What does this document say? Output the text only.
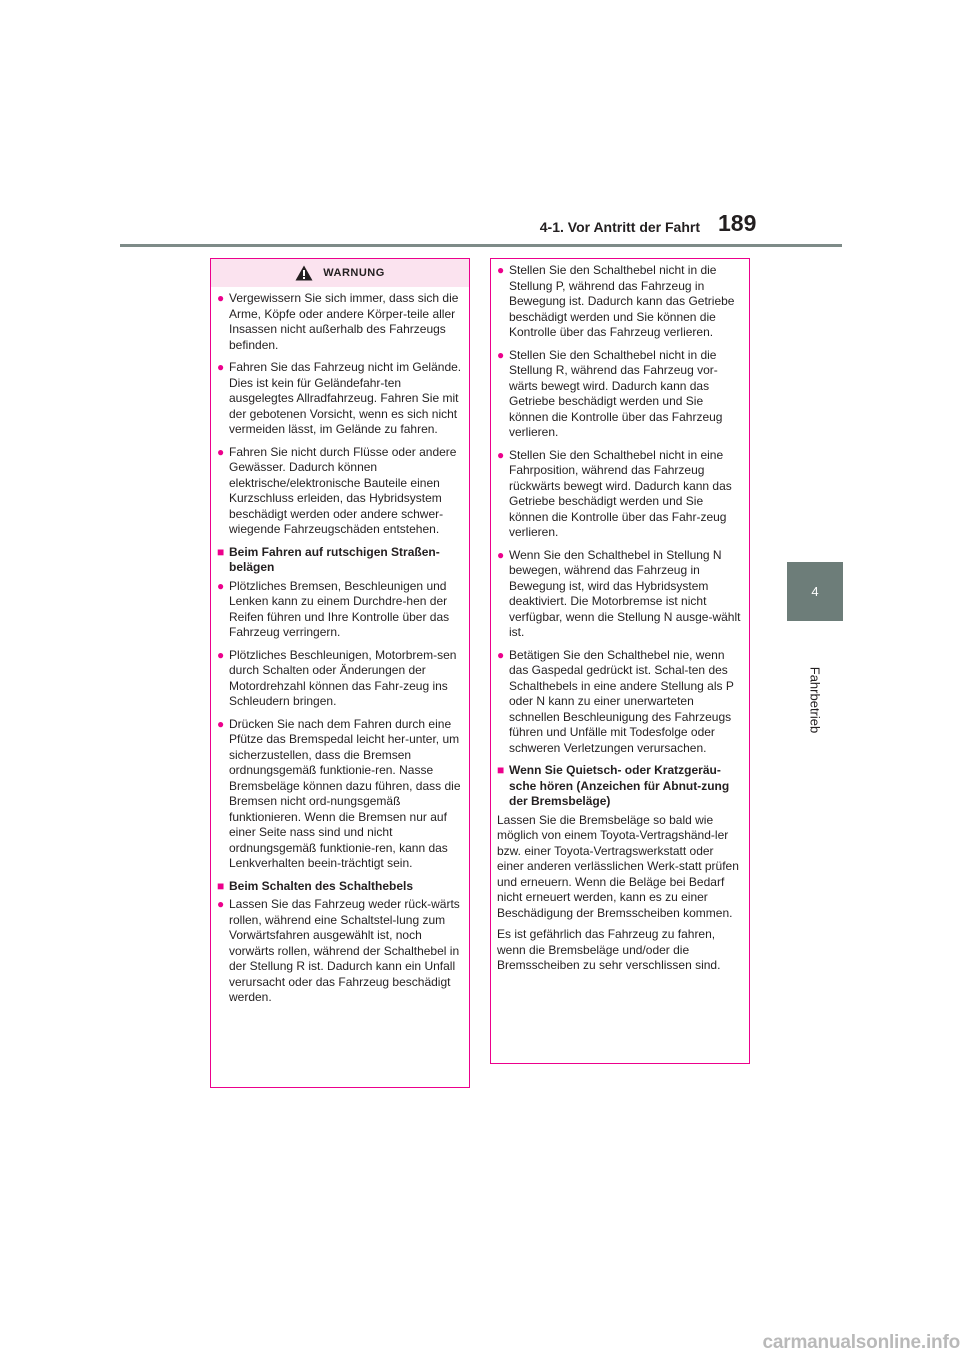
4-1. Vor Antritt der Fahrt 189
4
Fahrbetrieb
WARNUNG
●
Vergewissern Sie sich immer, dass sich die Arme, Köpfe oder andere Körper-teile aller Insassen nicht außerhalb des Fahrzeugs befinden.
●
Fahren Sie das Fahrzeug nicht im Gelände. Dies ist kein für Geländefahr-ten ausgelegtes Allradfahrzeug. Fahren Sie mit der gebotenen Vorsicht, wenn es sich nicht vermeiden lässt, im Gelände zu fahren.
●
Fahren Sie nicht durch Flüsse oder andere Gewässer. Dadurch können elektrische/elektronische Bauteile einen Kurzschluss erleiden, das Hybridsystem beschädigt werden oder andere schwer-wiegende Fahrzeugschäden entstehen.
■
Beim Fahren auf rutschigen Straßen-belägen
●
Plötzliches Bremsen, Beschleunigen und Lenken kann zu einem Durchdre-hen der Reifen führen und Ihre Kontrolle über das Fahrzeug verringern.
●
Plötzliches Beschleunigen, Motorbrem-sen durch Schalten oder Änderungen der Motordrehzahl können das Fahr-zeug ins Schleudern bringen.
●
Drücken Sie nach dem Fahren durch eine Pfütze das Bremspedal leicht her-unter, um sicherzustellen, dass die Bremsen ordnungsgemäß funktionie-ren. Nasse Bremsbeläge können dazu führen, dass die Bremsen nicht ord-nungsgemäß funktionieren. Wenn die Bremsen nur auf einer Seite nass sind und nicht ordnungsgemäß funktionie-ren, kann das Lenkverhalten beein-trächtigt sein.
■
Beim Schalten des Schalthebels
●
Lassen Sie das Fahrzeug weder rück-wärts rollen, während eine Schaltstel-lung zum Vorwärtsfahren ausgewählt ist, noch vorwärts rollen, während der Schalthebel in der Stellung R ist. Dadurch kann ein Unfall verursacht oder das Fahrzeug beschädigt werden.
●
Stellen Sie den Schalthebel nicht in die Stellung P, während das Fahrzeug in Bewegung ist. Dadurch kann das Getriebe beschädigt werden und Sie können die Kontrolle über das Fahrzeug verlieren.
●
Stellen Sie den Schalthebel nicht in die Stellung R, während das Fahrzeug vor-wärts bewegt wird. Dadurch kann das Getriebe beschädigt werden und Sie können die Kontrolle über das Fahrzeug verlieren.
●
Stellen Sie den Schalthebel nicht in eine Fahrposition, während das Fahrzeug rückwärts bewegt wird. Dadurch kann das Getriebe beschädigt werden und Sie können die Kontrolle über das Fahr-zeug verlieren.
●
Wenn Sie den Schalthebel in Stellung N bewegen, während das Fahrzeug in Bewegung ist, wird das Hybridsystem deaktiviert. Die Motorbremse ist nicht verfügbar, wenn die Stellung N ausge-wählt ist.
●
Betätigen Sie den Schalthebel nie, wenn das Gaspedal gedrückt ist. Schal-ten des Schalthebels in eine andere Stellung als P oder N kann zu einer unerwarteten schnellen Beschleunigung des Fahrzeugs führen und Unfälle mit Todesfolge oder schweren Verletzungen verursachen.
■
Wenn Sie Quietsch- oder Kratzgeräu-sche hören (Anzeichen für Abnut-zung der Bremsbeläge)

Lassen Sie die Bremsbeläge so bald wie möglich von einem Toyota-Vertragshänd-ler bzw. einer Toyota-Vertragswerkstatt oder einer anderen verlässlichen Werk-statt prüfen und erneuern. Wenn die Beläge bei Bedarf nicht erneuert werden, kann es zu einer Beschädigung der Bremsscheiben kommen.

Es ist gefährlich das Fahrzeug zu fahren, wenn die Bremsbeläge und/oder die Bremsscheiben zu sehr verschlissen sind.

carmanualsonline.info
